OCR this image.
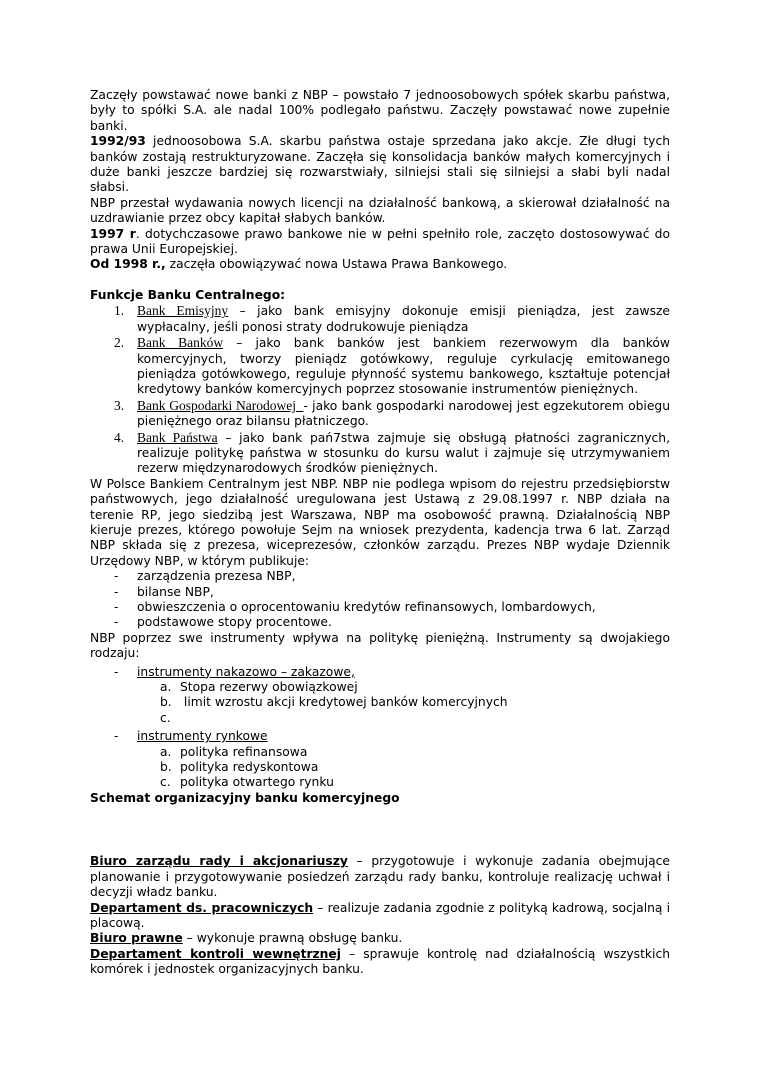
Zaczęły powstawać nowe banki z NBP – powstało 7 jednoosobowych spółek skarbu państwa, były to spółki S.A. ale nadal 100% podlegało państwu. Zaczęły powstawać nowe zupełnie banki.
1992/93 jednoosobowa S.A. skarbu państwa ostaje sprzedana jako akcje. Złe długi tych banków zostają restrukturyzowane. Zaczęła się konsolidacja banków małych komercyjnych i duże banki jeszcze bardziej się rozwarstwiały, silniejsi stali się silniejsi a słabi byli nadal słabsi.
NBP przestał wydawania nowych licencji na działalność bankową, a skierował działalność na uzdrawianie przez obcy kapitał słabych banków.
1997 r. dotychczasowe prawo bankowe nie w pełni spełniło role, zaczęto dostosowywać do prawa Unii Europejskiej.
Od 1998 r., zaczęła obowiązywać nowa Ustawa Prawa Bankowego.
Funkcje Banku Centralnego:
1. Bank Emisyjny – jako bank emisyjny dokonuje emisji pieniądza, jest zawsze wypłacalny, jeśli ponosi straty dodrukowuje pieniądza
2. Bank Banków – jako bank banków jest bankiem rezerwowym dla banków komercyjnych, tworzy pieniądz gotówkowy, reguluje cyrkulację emitowanego pieniądza gotówkowego, reguluje płynność systemu bankowego, kształtuje potencjał kredytowy banków komercyjnych poprzez stosowanie instrumentów pieniężnych.
3. Bank Gospodarki Narodowej  - jako bank gospodarki narodowej jest egzekutorem obiegu pieniężnego oraz bilansu płatniczego.
4. Bank Państwa – jako bank pań7stwa zajmuje się obsługą płatności zagranicznych, realizuje politykę państwa w stosunku do kursu walut i zajmuje się utrzymywaniem rezerw międzynarodowych środków pieniężnych.
W Polsce Bankiem Centralnym jest NBP. NBP nie podlega wpisom do rejestru przedsiębiorstw państwowych, jego działalność uregulowana jest Ustawą z 29.08.1997 r. NBP działa na terenie RP, jego siedzibą jest Warszawa, NBP ma osobowość prawną. Działalnością NBP kieruje prezes, którego powołuje Sejm na wniosek prezydenta, kadencja trwa 6 lat. Zarząd NBP składa się z prezesa, wiceprezesów, członków zarządu. Prezes NBP wydaje Dziennik Urzędowy NBP, w którym publikuje:
- zarządzenia prezesa NBP,
- bilanse NBP,
- obwieszczenia o oprocentowaniu kredytów refinansowych, lombardowych,
- podstawowe stopy procentowe.
NBP poprzez swe instrumenty wpływa na politykę pieniężną. Instrumenty są dwojakiego rodzaju:
- instrumenty nakazowo – zakazowe,
a. Stopa rezerwy obowiązkowej
b. limit wzrostu akcji kredytowej banków komercyjnych
c.

- instrumenty rynkowe
a. polityka refinansowa
b. polityka redyskontowa
c. polityka otwartego rynku
Schemat organizacyjny banku komercyjnego
Biuro zarządu rady i akcjonariuszy – przygotowuje i wykonuje zadania obejmujące planowanie i przygotowywanie posiedzeń zarządu rady banku, kontroluje realizację uchwał i decyzji władz banku.
Departament ds. pracowniczych – realizuje zadania zgodnie z polityką kadrową, socjalną i placową.
Biuro prawne – wykonuje prawną obsługę banku.
Departament kontroli wewnętrznej – sprawuje kontrolę nad działalnością wszystkich komórek i jednostek organizacyjnych banku.
